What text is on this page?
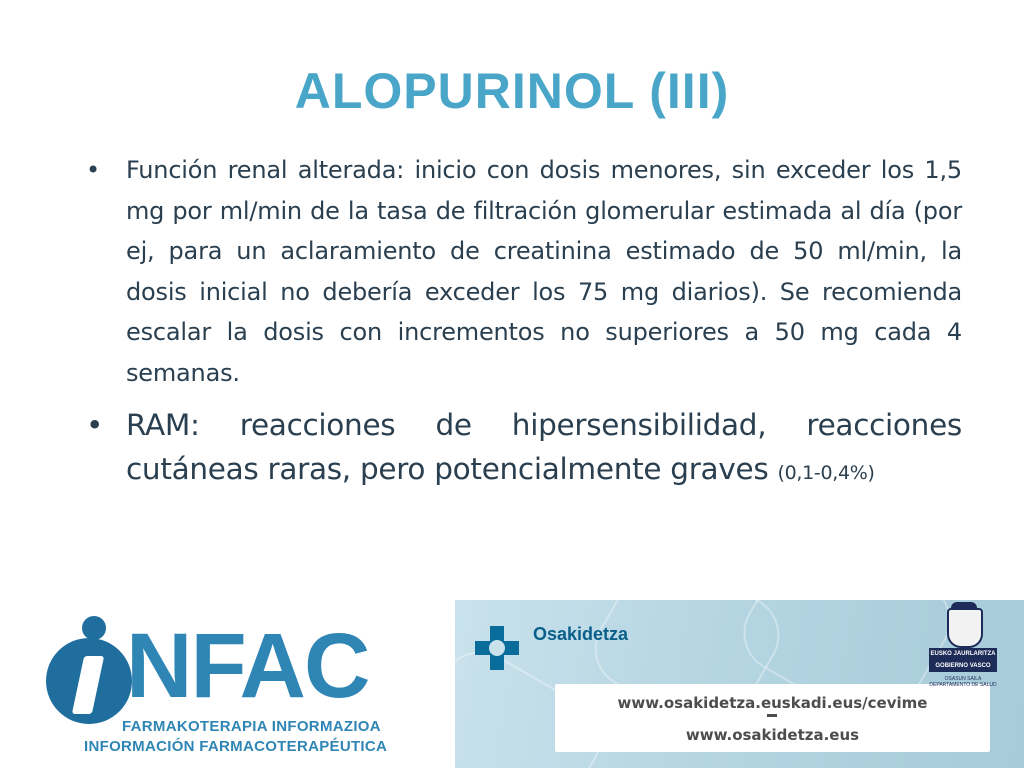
ALOPURINOL (III)
• Función renal alterada: inicio con dosis menores, sin exceder los 1,5 mg por ml/min de la tasa de filtración glomerular estimada al día (por ej, para un aclaramiento de creatinina estimado de 50 ml/min, la dosis inicial no debería exceder los 75 mg diarios). Se recomienda escalar la dosis con incrementos no superiores a 50 mg cada 4 semanas.
• RAM: reacciones de hipersensibilidad, reacciones cutáneas raras, pero potencialmente graves (0,1-0,4%)
NFAC
FARMAKOTERAPIA INFORMAZIOA
INFORMACIÓN FARMACOTERAPÉUTICA
Osakidetza
www.osakidetza.euskadi.eus/cevime
www.osakidetza.eus
EUSKO JAURLARITZA
GOBIERNO VASCO
OSASUN SAILA
DEPARTAMENTO DE SALUD
